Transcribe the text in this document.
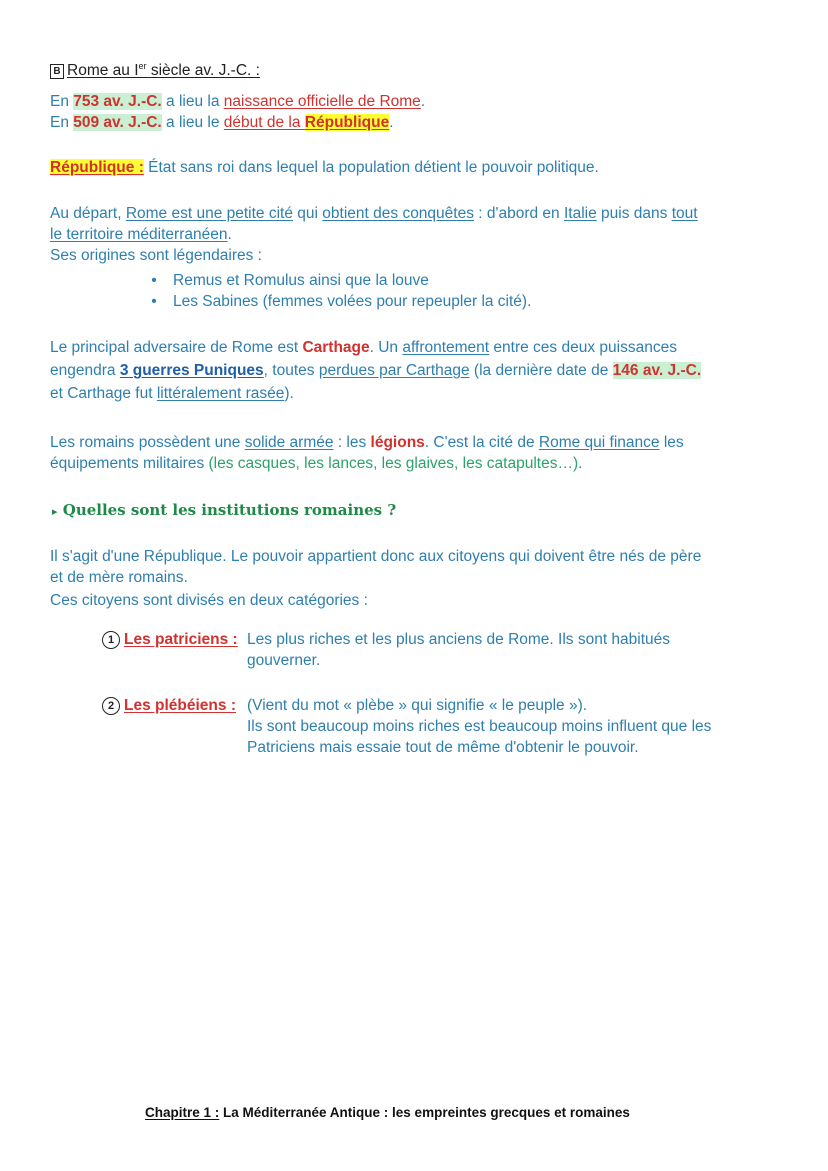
B Rome au Ier siècle av. J.-C. :
En 753 av. J.-C. a lieu la naissance officielle de Rome.
En 509 av. J.-C. a lieu le début de la République.
République : État sans roi dans lequel la population détient le pouvoir politique.
Au départ, Rome est une petite cité qui obtient des conquêtes : d'abord en Italie puis dans tout
le territoire méditerranéen.
Ses origines sont légendaires :
• Remus et Romulus ainsi que la louve
• Les Sabines (femmes volées pour repeupler la cité).
Le principal adversaire de Rome est Carthage. Un affrontement entre ces deux puissances
engendra 3 guerres Puniques, toutes perdues par Carthage (la dernière date de 146 av. J.-C.
et Carthage fut littéralement rasée).
Les romains possèdent une solide armée : les légions. C'est la cité de Rome qui finance les
équipements militaires (les casques, les lances, les glaives, les catapultes…).
▸ Quelles sont les institutions romaines ?
Il s'agit d'une République. Le pouvoir appartient donc aux citoyens qui doivent être nés de père
et de mère romains.
Ces citoyens sont divisés en deux catégories :
1 Les patriciens : Les plus riches et les plus anciens de Rome. Ils sont habitués
gouverner.
2 Les plébéiens : (Vient du mot « plèbe » qui signifie « le peuple »).
Ils sont beaucoup moins riches est beaucoup moins influent que les
Patriciens mais essaie tout de même d'obtenir le pouvoir.
Chapitre 1 : La Méditerranée Antique : les empreintes grecques et romaines
